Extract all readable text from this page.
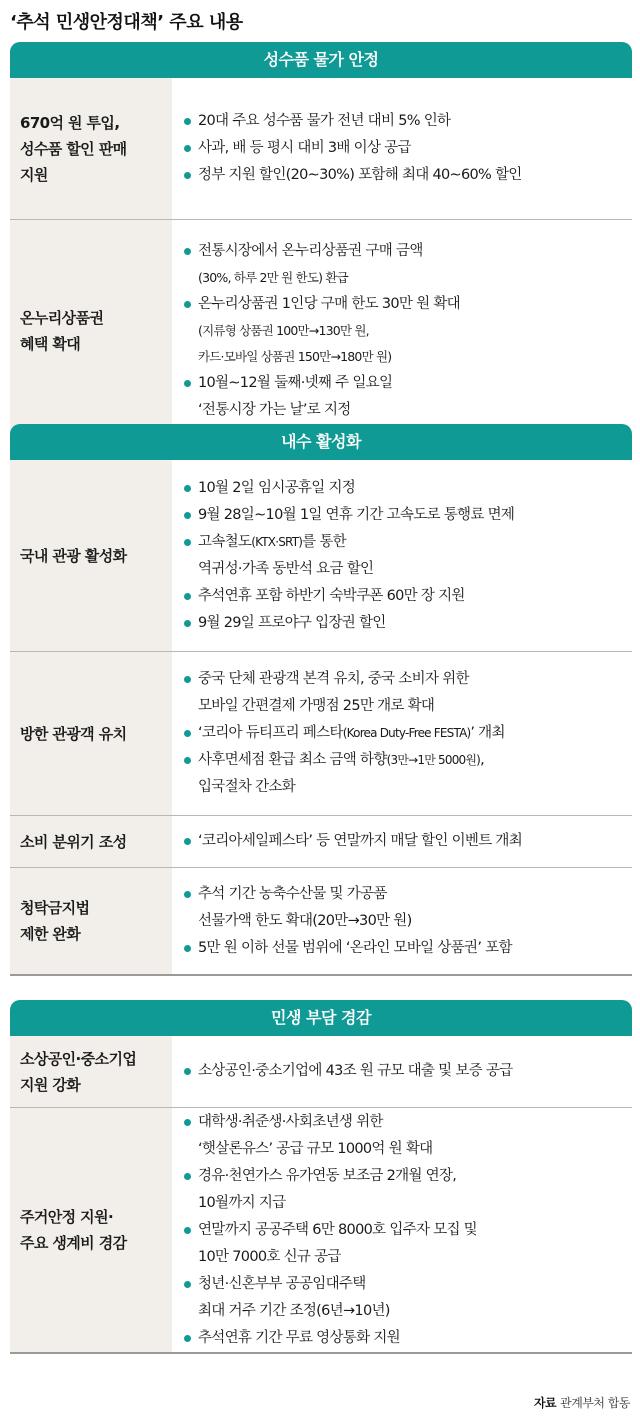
‘추석 민생안정대책’ 주요 내용
성수품 물가 안정
670억 원 투입,
성수품 할인 판매
지원
20대 주요 성수품 물가 전년 대비 5% 인하
사과, 배 등 평시 대비 3배 이상 공급
정부 지원 할인(20∼30%) 포함해 최대 40∼60% 할인
온누리상품권
혜택 확대
전통시장에서 온누리상품권 구매 금액
(30%, 하루 2만 원 한도) 환급
온누리상품권 1인당 구매 한도 30만 원 확대
(지류형 상품권 100만→130만 원,
카드·모바일 상품권 150만→180만 원)
10월∼12월 둘째·넷째 주 일요일
‘전통시장 가는 날’로 지정
내수 활성화
국내 관광 활성화
10월 2일 임시공휴일 지정
9월 28일∼10월 1일 연휴 기간 고속도로 통행료 면제
고속철도(KTX·SRT)를 통한
역귀성·가족 동반석 요금 할인
추석연휴 포함 하반기 숙박쿠폰 60만 장 지원
9월 29일 프로야구 입장권 할인
방한 관광객 유치
중국 단체 관광객 본격 유치, 중국 소비자 위한
모바일 간편결제 가맹점 25만 개로 확대
‘코리아 듀티프리 페스타(Korea Duty-Free FESTA)’ 개최
사후면세점 환급 최소 금액 하향(3만→1만 5000원),
입국절차 간소화
소비 분위기 조성	‘코리아세일페스타’ 등 연말까지 매달 할인 이벤트 개최
청탁금지법
제한 완화
추석 기간 농축수산물 및 가공품
선물가액 한도 확대(20만→30만 원)
5만 원 이하 선물 범위에 ‘온라인 모바일 상품권’ 포함
민생 부담 경감
소상공인·중소기업
지원 강화
소상공인·중소기업에 43조 원 규모 대출 및 보증 공급
주거안정 지원·
주요 생계비 경감
대학생·취준생·사회초년생 위한
‘햇살론유스’ 공급 규모 1000억 원 확대
경유·천연가스 유가연동 보조금 2개월 연장,
10월까지 지급
연말까지 공공주택 6만 8000호 입주자 모집 및
10만 7000호 신규 공급
청년·신혼부부 공공임대주택
최대 거주 기간 조정(6년→10년)
추석연휴 기간 무료 영상통화 지원
자료 관계부처 합동
